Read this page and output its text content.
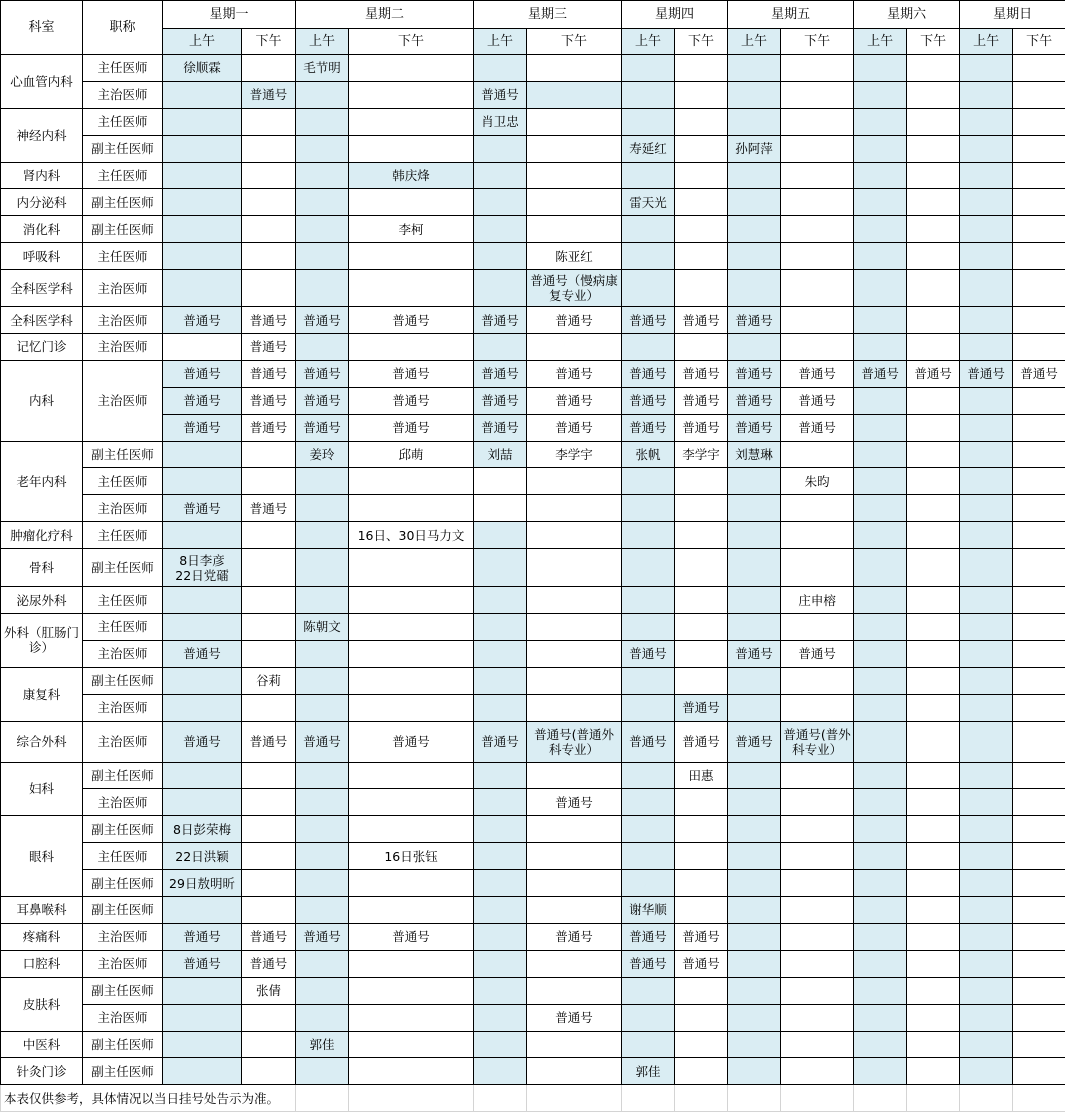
科室	职称	星期一	星期二	星期三	星期四	星期五	星期六	星期日
上午	下午	上午	下午	上午	下午	上午	下午	上午	下午	上午	下午	上午	下午
心血管内科	主任医师	徐顺霖		毛节明											
主治医师		普通号			普通号									
神经内科	主任医师					肖卫忠									
副主任医师							寿延红		孙阿萍					
肾内科	主任医师				韩庆烽										
内分泌科	副主任医师							雷天光							
消化科	副主任医师				李柯										
呼吸科	主任医师						陈亚红								
全科医学科	主治医师						普通号（慢病康复专业）								
全科医学科	主治医师	普通号	普通号	普通号	普通号	普通号	普通号	普通号	普通号	普通号					
记忆门诊	主治医师		普通号												
内科	主治医师	普通号	普通号	普通号	普通号	普通号	普通号	普通号	普通号	普通号	普通号	普通号	普通号	普通号	普通号
普通号	普通号	普通号	普通号	普通号	普通号	普通号	普通号	普通号	普通号				
普通号	普通号	普通号	普通号	普通号	普通号	普通号	普通号	普通号	普通号				
老年内科	副主任医师			姜玲	邱萌	刘喆	李学宇	张帆	李学宇	刘慧琳					
主任医师										朱昀				
主治医师	普通号	普通号												
肿瘤化疗科	主任医师				16日、30日马力文										
骨科	副主任医师	8日李彦
22日党礌													
泌尿外科	主任医师										庄申榕				
外科（肛肠门诊）	主任医师			陈朝文											
主治医师	普通号						普通号		普通号	普通号				
康复科	副主任医师		谷莉												
主治医师								普通号						
综合外科	主治医师	普通号	普通号	普通号	普通号	普通号	普通号(普通外科专业）	普通号	普通号	普通号	普通号(普外科专业）				
妇科	副主任医师								田惠						
主治医师						普通号								
眼科	副主任医师	8日彭荣梅													
主任医师	22日洪颖			16日张钰										
副主任医师	29日敖明昕													
耳鼻喉科	副主任医师							谢华顺							
疼痛科	主治医师	普通号	普通号	普通号	普通号		普通号	普通号	普通号						
口腔科	主治医师	普通号	普通号					普通号	普通号						
皮肤科	副主任医师		张倩												
主治医师						普通号								
中医科	副主任医师			郭佳											
针灸门诊	副主任医师							郭佳							
本表仅供参考，具体情况以当日挂号处告示为准。												
